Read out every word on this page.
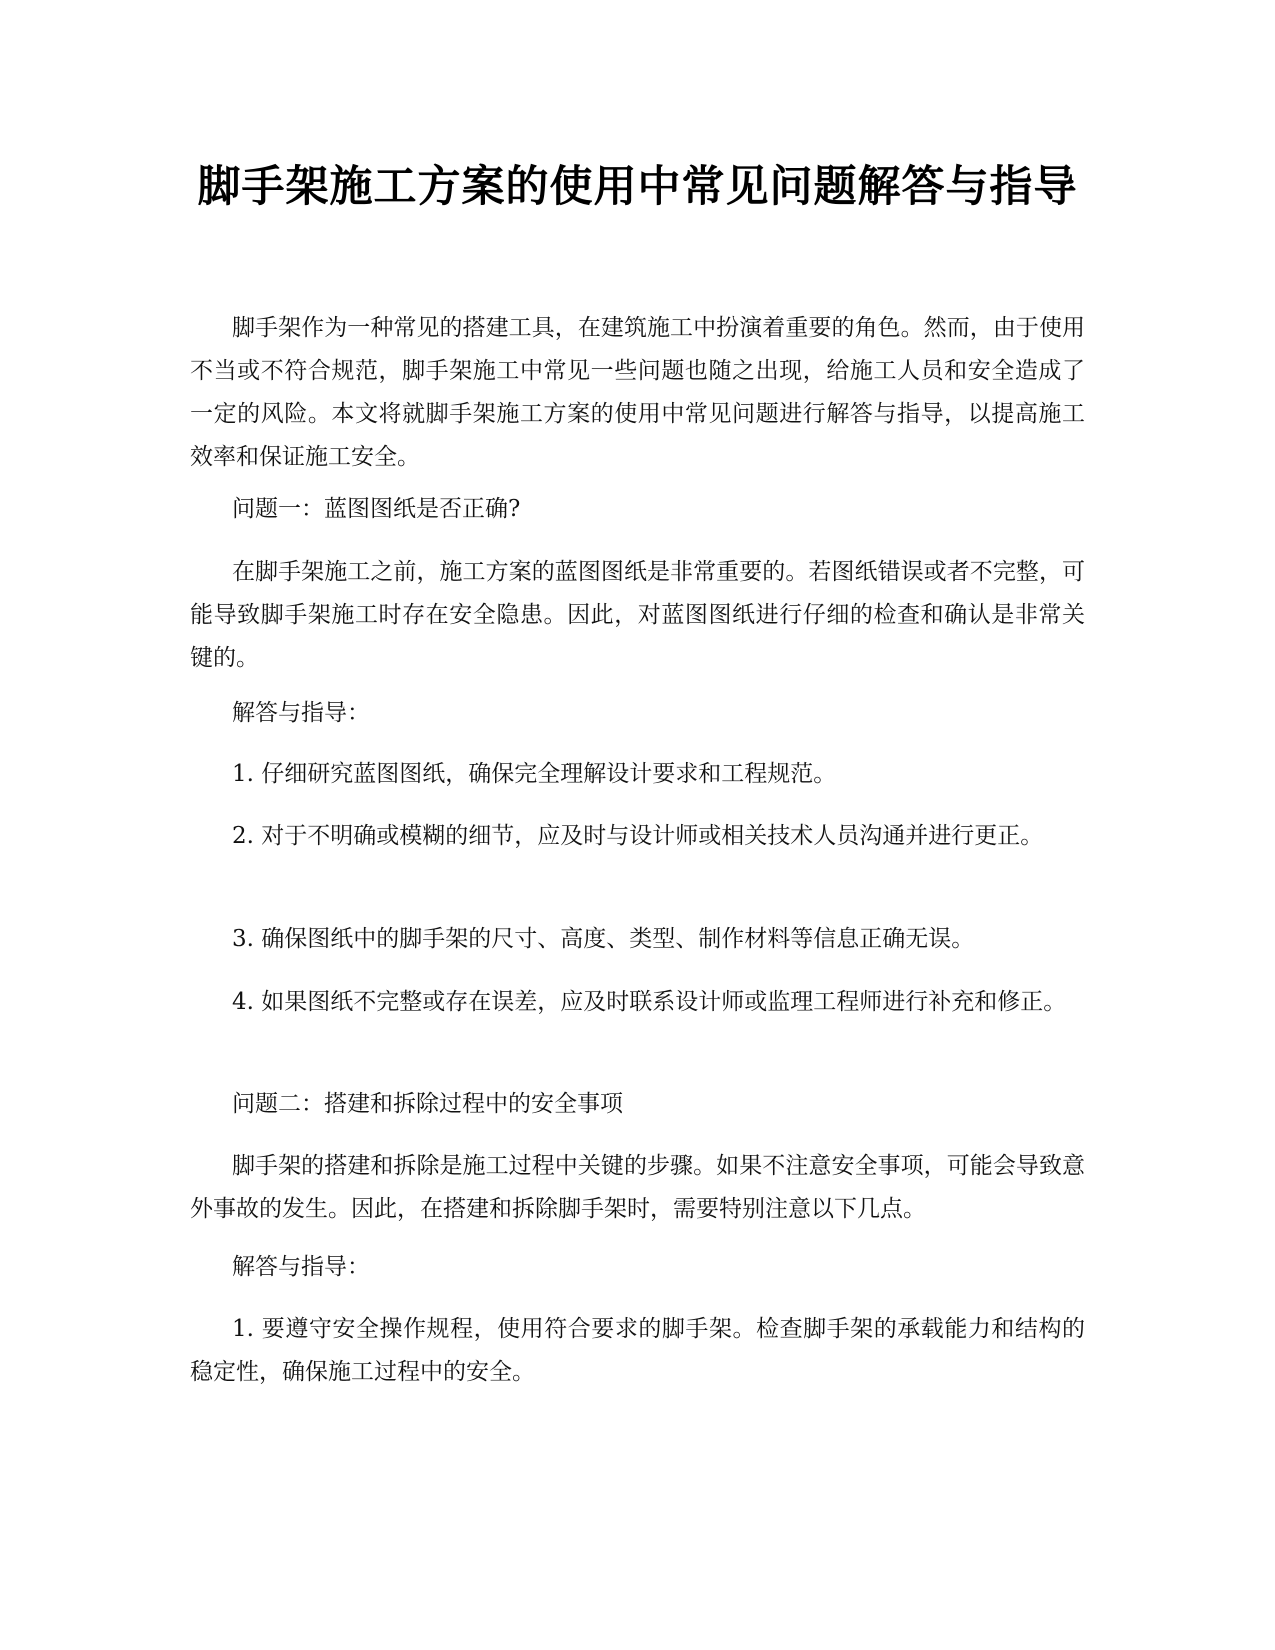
脚手架施工方案的使用中常见问题解答与指导

脚手架作为一种常见的搭建工具，在建筑施工中扮演着重要的角色。然而，由于使用不当或不符合规范，脚手架施工中常见一些问题也随之出现，给施工人员和安全造成了一定的风险。本文将就脚手架施工方案的使用中常见问题进行解答与指导，以提高施工效率和保证施工安全。

问题一：蓝图图纸是否正确?

在脚手架施工之前，施工方案的蓝图图纸是非常重要的。若图纸错误或者不完整，可能导致脚手架施工时存在安全隐患。因此，对蓝图图纸进行仔细的检查和确认是非常关键的。

解答与指导：

1. 仔细研究蓝图图纸，确保完全理解设计要求和工程规范。

2. 对于不明确或模糊的细节，应及时与设计师或相关技术人员沟通并进行更正。

3. 确保图纸中的脚手架的尺寸、高度、类型、制作材料等信息正确无误。

4. 如果图纸不完整或存在误差，应及时联系设计师或监理工程师进行补充和修正。

问题二：搭建和拆除过程中的安全事项

脚手架的搭建和拆除是施工过程中关键的步骤。如果不注意安全事项，可能会导致意外事故的发生。因此，在搭建和拆除脚手架时，需要特别注意以下几点。

解答与指导：

1. 要遵守安全操作规程，使用符合要求的脚手架。检查脚手架的承载能力和结构的稳定性，确保施工过程中的安全。
